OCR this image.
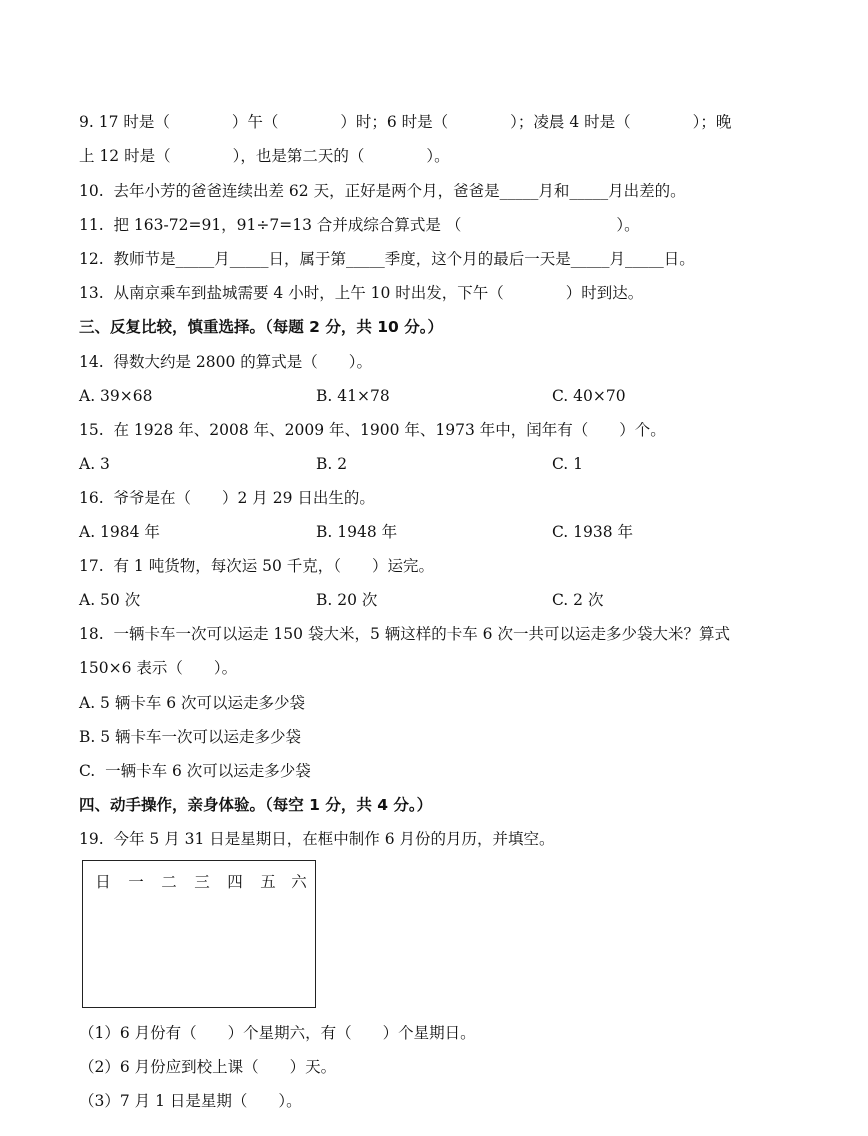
9. 17 时是（　　　　）午（　　　　）时；6 时是（　　　　）；凌晨 4 时是（　　　　）；晚
上 12 时是（　　　　），也是第二天的（　　　　）。
10.  去年小芳的爸爸连续出差 62 天，正好是两个月，爸爸是_____月和_____月出差的。
11.  把 163-72=91，91÷7=13 合并成综合算式是 （　　　　　　　　　　）。
12.  教师节是_____月_____日，属于第_____季度，这个月的最后一天是_____月_____日。
13.  从南京乘车到盐城需要 4 小时，上午 10 时出发，下午（　　　　）时到达。
三、反复比较，慎重选择。（每题 2 分，共 10 分。）
14.  得数大约是 2800 的算式是（　　）。
A. 39×68	B. 41×78	C. 40×70
15.  在 1928 年、2008 年、2009 年、1900 年、1973 年中，闰年有（　　）个。
A. 3	B. 2	C. 1
16.  爷爷是在（　　）2 月 29 日出生的。
A. 1984 年	B. 1948 年	C. 1938 年
17.  有 1 吨货物，每次运 50 千克，（　　）运完。
A. 50 次	B. 20 次	C. 2 次
18.  一辆卡车一次可以运走 150 袋大米，5 辆这样的卡车 6 次一共可以运走多少袋大米？算式
150×6 表示（　　）。
A. 5 辆卡车 6 次可以运走多少袋
B. 5 辆卡车一次可以运走多少袋
C.  一辆卡车 6 次可以运走多少袋
四、动手操作，亲身体验。（每空 1 分，共 4 分。）
19.  今年 5 月 31 日是星期日，在框中制作 6 月份的月历，并填空。
日 一 二 三 四 五 六
（1）6 月份有（　　）个星期六，有（　　）个星期日。
（2）6 月份应到校上课（　　）天。
（3）7 月 1 日是星期（　　）。
